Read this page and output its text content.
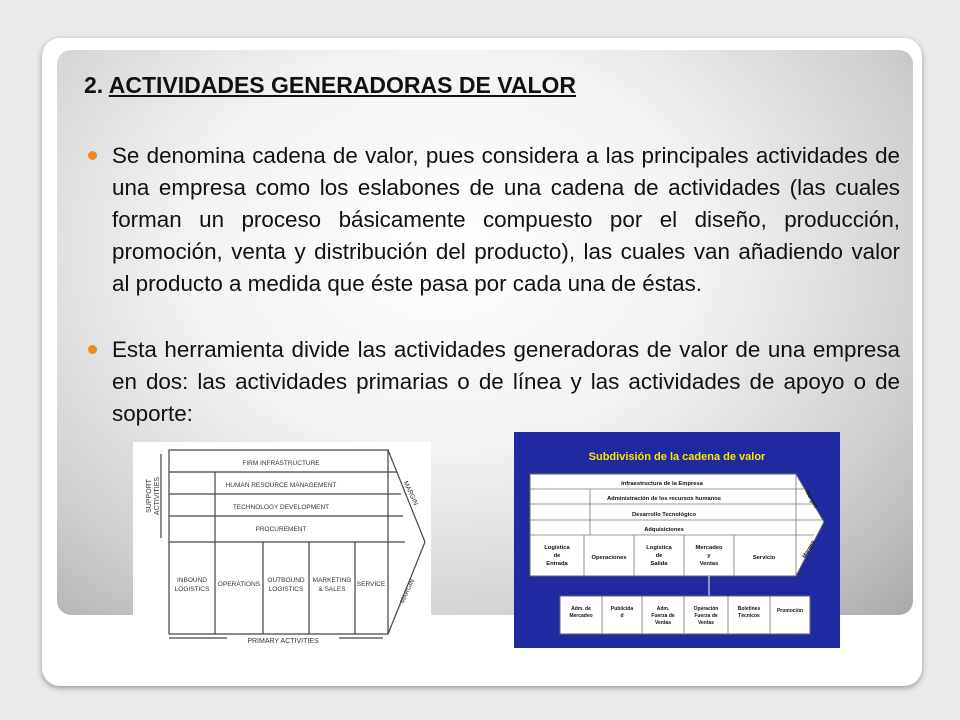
2. ACTIVIDADES GENERADORAS DE VALOR

Se denomina cadena de valor, pues considera a las principales actividades de una empresa como los eslabones de una cadena de actividades (las cuales forman un proceso básicamente compuesto por el diseño, producción, promoción, venta y distribución del producto), las cuales van añadiendo valor al producto a medida que éste pasa por cada una de éstas.

Esta herramienta divide las actividades generadoras de valor de una empresa en dos: las actividades primarias o de línea y las actividades de apoyo o de soporte:

SUPPORT ACTIVITIES
FIRM INFRASTRUCTURE
HUMAN RESOURCE MANAGEMENT
TECHNOLOGY DEVELOPMENT
PROCUREMENT
INBOUND
LOGISTICS
OPERATIONS
OUTBOUND
LOGISTICS
MARKETING
& SALES
SERVICE
MARGIN
MARGIN
PRIMARY ACTIVITIES
Subdivisión de la cadena de valor
Infraestructura de la Empresa
Administración de los recursos humanos
Desarrollo Tecnológico
Adquisiciones
Logística
de
Entrada
Operaciones
Logística
de
Salida
Mercadeo
y
Ventas
Servicio
Margen
Margen
Adm. de
Mercadeo
Publicida
d
Adm.
Fuerza de
Ventas
Operación
Fuerza de
Ventas
Boletines
Técnicos
Promoción
